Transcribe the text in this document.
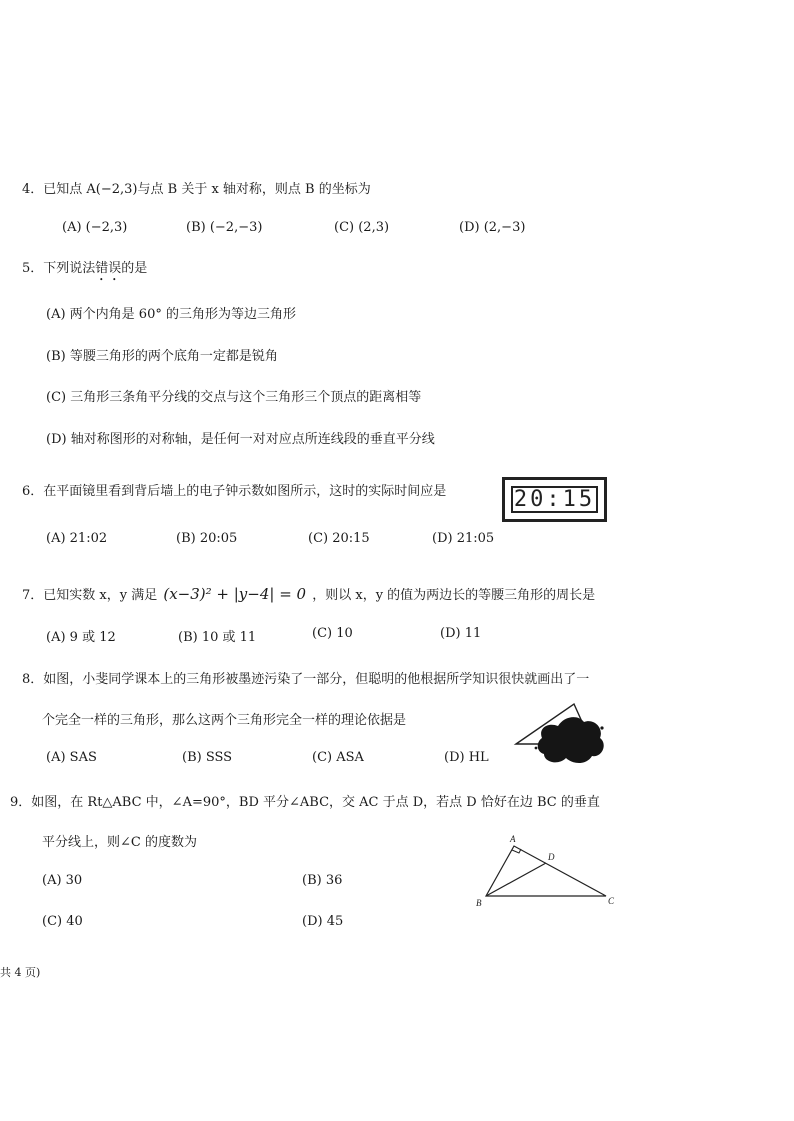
4．已知点 A(−2,3)与点 B 关于 x 轴对称，则点 B 的坐标为
(A) (−2,3)	(B) (−2,−3)	(C) (2,3)	(D) (2,−3)
5．下列说法错误的是
(A) 两个内角是 60° 的三角形为等边三角形
(B) 等腰三角形的两个底角一定都是锐角
(C) 三角形三条角平分线的交点与这个三角形三个顶点的距离相等
(D) 轴对称图形的对称轴，是任何一对对应点所连线段的垂直平分线
6．在平面镜里看到背后墙上的电子钟示数如图所示，这时的实际时间应是	20:15
(A) 21:02	(B) 20:05	(C) 20:15	(D) 21:05
7．已知实数 x，y 满足 (x−3)² + |y−4| = 0 ，则以 x，y 的值为两边长的等腰三角形的周长是
(A) 9 或 12	(B) 10 或 11	(C) 10	(D) 11
8．如图，小斐同学课本上的三角形被墨迹污染了一部分，但聪明的他根据所学知识很快就画出了一
个完全一样的三角形，那么这两个三角形完全一样的理论依据是
(A) SAS	(B) SSS	(C) ASA	(D) HL
9．如图，在 Rt△ABC 中，∠A=90°，BD 平分∠ABC，交 AC 于点 D，若点 D 恰好在边 BC 的垂直
平分线上，则∠C 的度数为
(A) 30	(B) 36
(C) 40	(D) 45
A
B	C
D
共 4 页)
